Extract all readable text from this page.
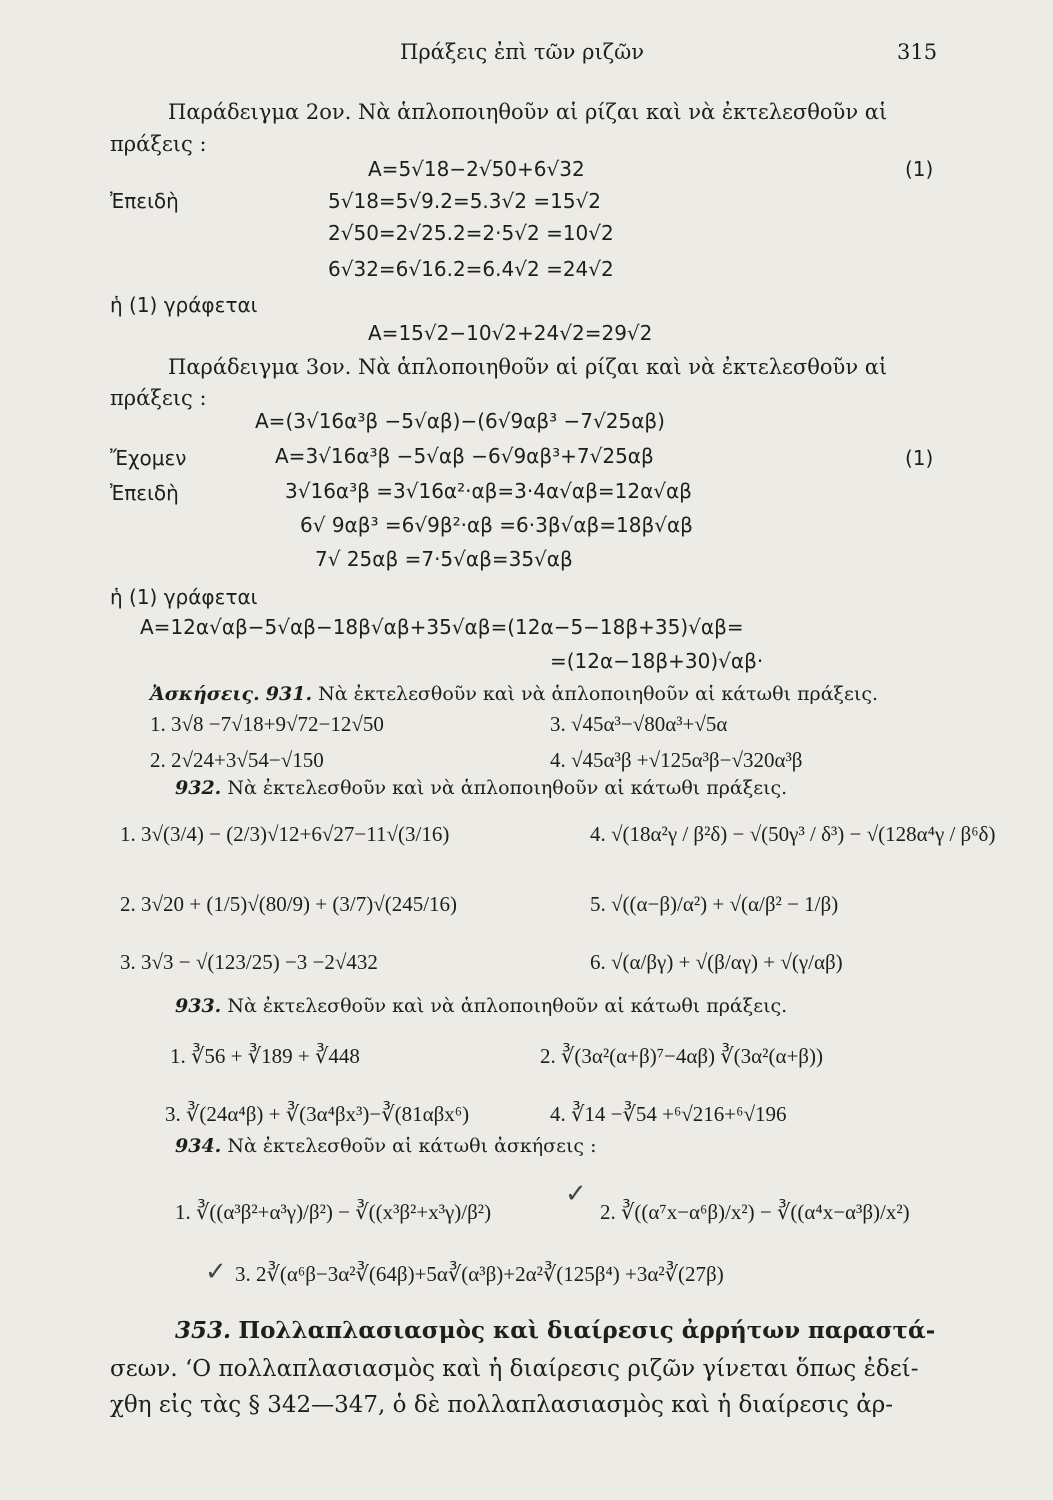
Πράξεις ἐπὶ τῶν ριζῶν	315
Παράδειγμα 2ον. Νὰ ἁπλοποιηθοῦν αἱ ρίζαι καὶ νὰ ἐκτελεσθοῦν αἱ
πράξεις :
A=5√18−2√50+6√32	(1)
Ἐπειδὴ	5√18=5√9.2=5.3√2 =15√2
2√50=2√25.2=2·5√2 =10√2
6√32=6√16.2=6.4√2 =24√2
ἡ (1) γράφεται
A=15√2−10√2+24√2=29√2
Παράδειγμα 3ον. Νὰ ἁπλοποιηθοῦν αἱ ρίζαι καὶ νὰ ἐκτελεσθοῦν αἱ
πράξεις :
A=(3√16α³β −5√αβ)−(6√9αβ³ −7√25αβ)
Ἔχομεν	A=3√16α³β −5√αβ −6√9αβ³+7√25αβ	(1)
Ἐπειδὴ	3√16α³β =3√16α²·αβ=3·4α√αβ=12α√αβ
6√ 9αβ³ =6√9β²·αβ =6·3β√αβ=18β√αβ
7√ 25αβ =7·5√αβ=35√αβ
ἡ (1) γράφεται
A=12α√αβ−5√αβ−18β√αβ+35√αβ=(12α−5−18β+35)√αβ=
=(12α−18β+30)√αβ·
Ἀσκήσεις. 931. Νὰ ἐκτελεσθοῦν καὶ νὰ ἁπλοποιηθοῦν αἱ κάτωθι πράξεις.
1. 3√8 −7√18+9√72−12√50	3. √45α³−√80α³+√5α
2. 2√24+3√54−√150	4. √45α³β +√125α³β−√320α³β
932. Νὰ ἐκτελεσθοῦν καὶ νὰ ἁπλοποιηθοῦν αἱ κάτωθι πράξεις.
1. 3√(3/4) − (2/3)√12+6√27−11√(3/16)	4. √(18α²γ / β²δ) − √(50γ³ / δ³) − √(128α⁴γ / β⁶δ)
2. 3√20 + (1/5)√(80/9) + (3/7)√(245/16)	5. √((α−β)/α²) + √(α/β² − 1/β)
3. 3√3 − √(123/25) −3 −2√432	6. √(α/βγ) + √(β/αγ) + √(γ/αβ)
933. Νὰ ἐκτελεσθοῦν καὶ νὰ ἁπλοποιηθοῦν αἱ κάτωθι πράξεις.
1. ∛56 + ∛189 + ∛448	2. ∛(3α²(α+β)⁷−4αβ) ∛(3α²(α+β))
3. ∛(24α⁴β) + ∛(3α⁴βx³)−∛(81αβx⁶)	4. ∛14 −∛54 +⁶√216+⁶√196
934. Νὰ ἐκτελεσθοῦν αἱ κάτωθι ἀσκήσεις :
1. ∛((α³β²+α³γ)/β²) − ∛((x³β²+x³γ)/β²)	2. ∛((α⁷x−α⁶β)/x²) − ∛((α⁴x−α³β)/x²)
3. 2∛(α⁶β−3α²∛(64β)+5α∛(α³β)+2α²∛(125β⁴) +3α²∛(27β)
✓
✓
353. Πολλαπλασιασμὸς καὶ διαίρεσις ἀρρήτων παραστά-
σεων. ‘Ο πολλαπλασιασμὸς καὶ ἡ διαίρεσις ριζῶν γίνεται ὅπως ἐδεί-
χθη εἰς τὰς § 342—347, ὁ δὲ πολλαπλασιασμὸς καὶ ἡ διαίρεσις ἀρ-
